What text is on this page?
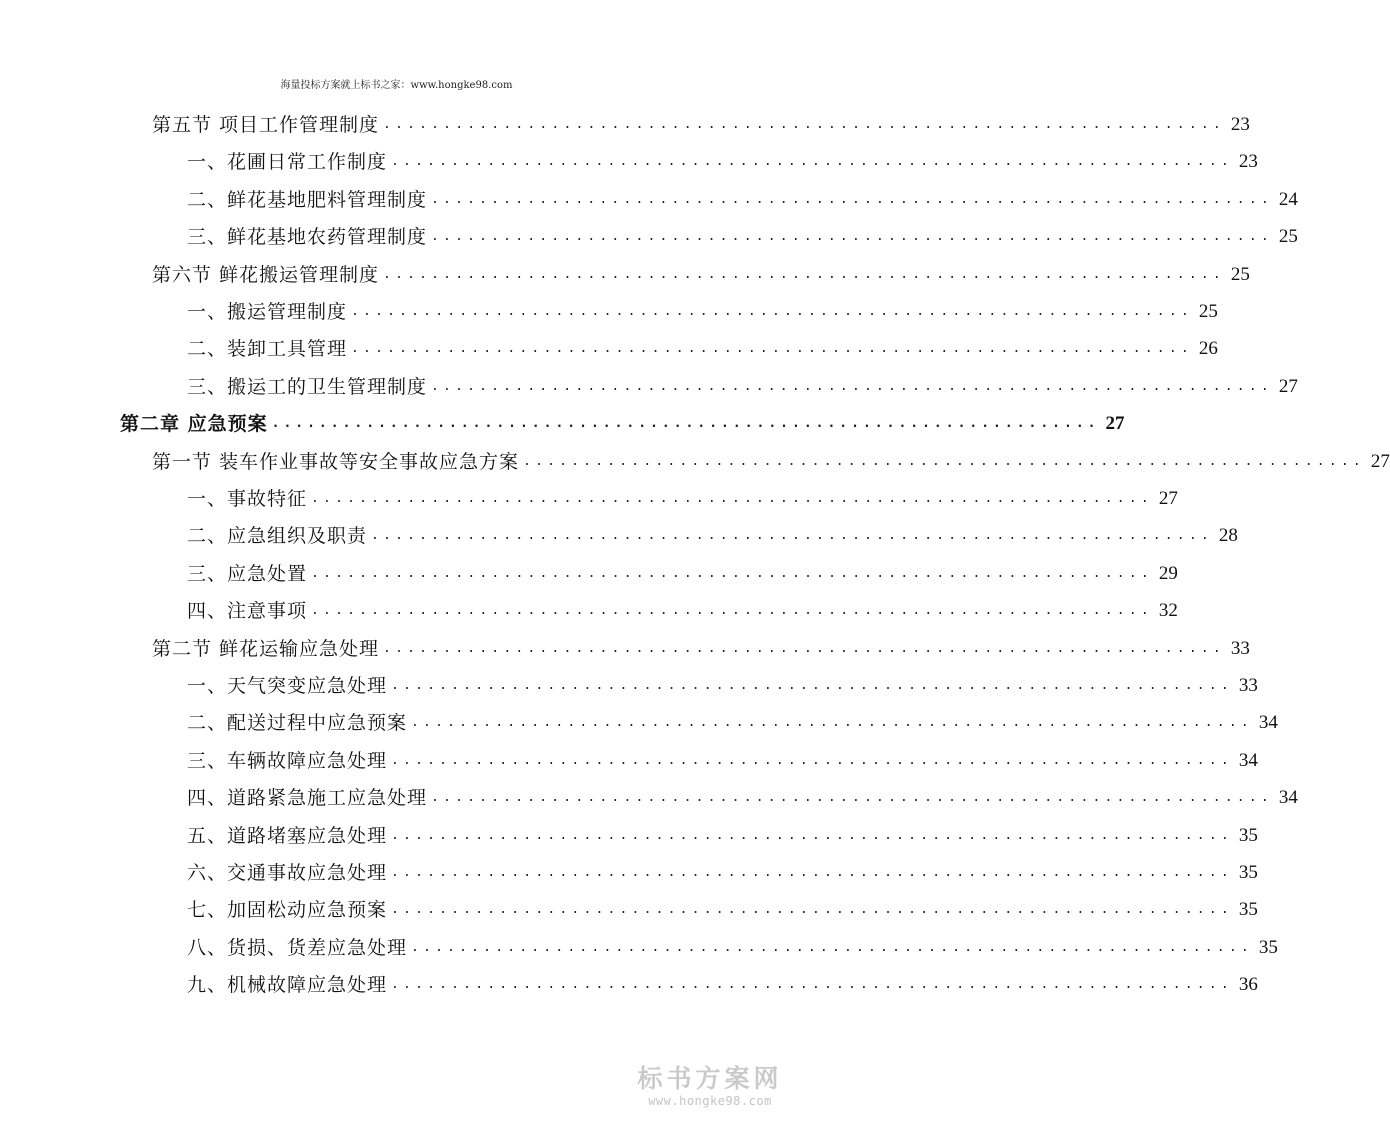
海量投标方案就上标书之家：www.hongke98.com
第五节 项目工作管理制度 ...................................................................... 23
一、花圃日常工作制度 ...................................................................... 23
二、鲜花基地肥料管理制度 ...................................................................... 24
三、鲜花基地农药管理制度 ...................................................................... 25
第六节 鲜花搬运管理制度 ...................................................................... 25
一、搬运管理制度 ...................................................................... 25
二、装卸工具管理 ...................................................................... 26
三、搬运工的卫生管理制度 ...................................................................... 27
第二章 应急预案 ...................................................................... 27
第一节 装车作业事故等安全事故应急方案 ...................................................................... 27
一、事故特征 ...................................................................... 27
二、应急组织及职责 ...................................................................... 28
三、应急处置 ...................................................................... 29
四、注意事项 ...................................................................... 32
第二节 鲜花运输应急处理 ...................................................................... 33
一、天气突变应急处理 ...................................................................... 33
二、配送过程中应急预案 ...................................................................... 34
三、车辆故障应急处理 ...................................................................... 34
四、道路紧急施工应急处理 ...................................................................... 34
五、道路堵塞应急处理 ...................................................................... 35
六、交通事故应急处理 ...................................................................... 35
七、加固松动应急预案 ...................................................................... 35
八、货损、货差应急处理 ...................................................................... 35
九、机械故障应急处理 ...................................................................... 36
标书方案网
www.hongke98.com
